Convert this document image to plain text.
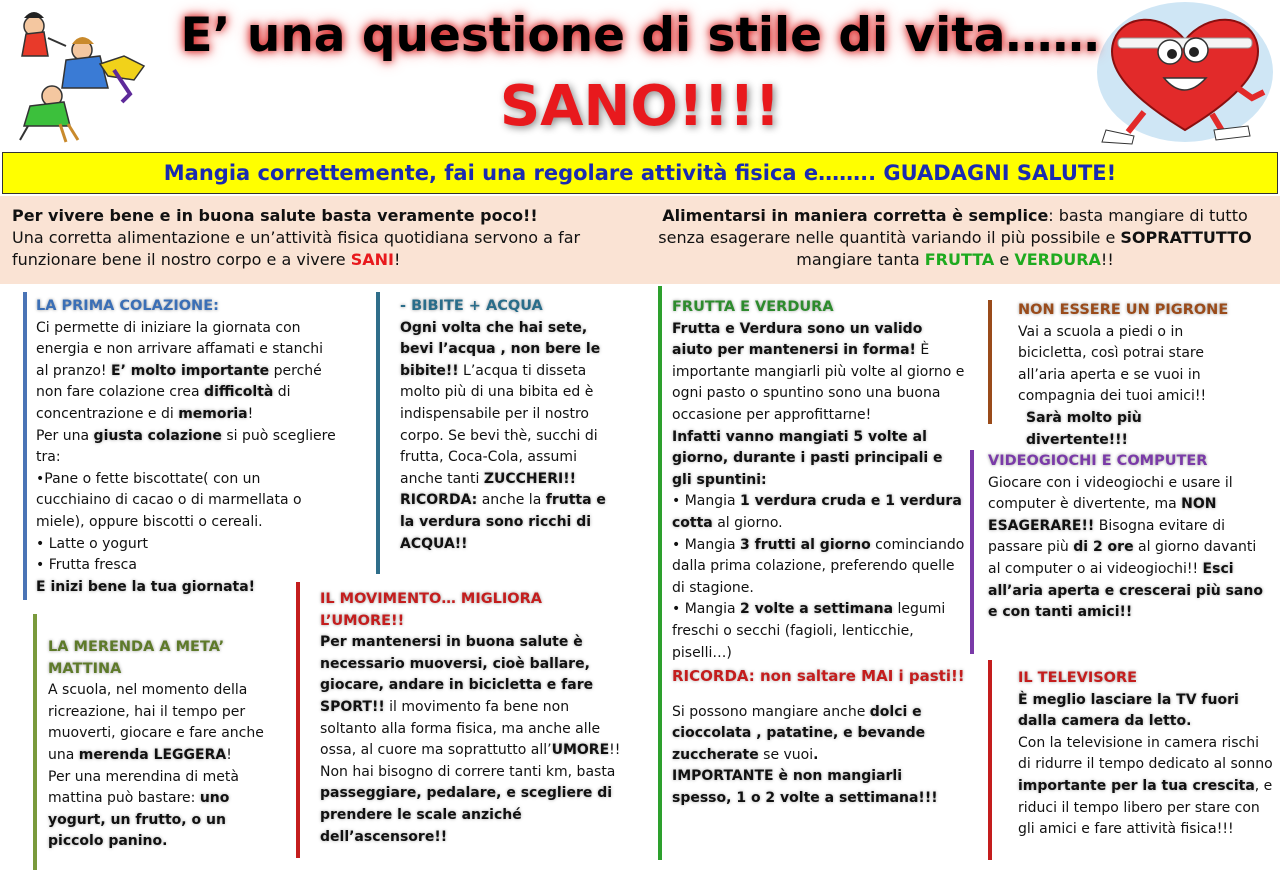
E’ una questione di stile di vita……
SANO!!!!
Mangia correttemente, fai una regolare attività fisica e…….. GUADAGNI SALUTE!
Per vivere bene e in buona salute basta veramente poco!!
Una corretta alimentazione e un’attività fisica quotidiana servono a far funzionare bene il nostro corpo e a vivere SANI!
Alimentarsi in maniera corretta è semplice: basta mangiare di tutto senza esagerare nelle quantità variando il più possibile e SOPRATTUTTO mangiare tanta FRUTTA e VERDURA!!

LA PRIMA COLAZIONE:

Ci permette di iniziare la giornata con energia e non arrivare affamati e stanchi al pranzo! E’ molto importante perché non fare colazione crea difficoltà di concentrazione e di memoria!

Per una giusta colazione si può scegliere tra:

•Pane o fette biscottate( con un cucchiaino di cacao o di marmellata o miele), oppure biscotti o cereali.

• Latte o yogurt

• Frutta fresca

E inizi bene la tua giornata!

- BIBITE + ACQUA

Ogni volta che hai sete, bevi l’acqua , non bere le bibite!! L’acqua ti disseta molto più di una bibita ed è indispensabile per il nostro corpo. Se bevi thè, succhi di frutta, Coca-Cola, assumi anche tanti ZUCCHERI!!

RICORDA: anche la frutta e la verdura sono ricchi di ACQUA!!

LA MERENDA A META’ MATTINA

A scuola, nel momento della ricreazione, hai il tempo per muoverti, giocare e fare anche una merenda LEGGERA!

Per una merendina di metà mattina può bastare: uno yogurt, un frutto, o un piccolo panino.

IL MOVIMENTO… MIGLIORA L’UMORE!!

Per mantenersi in buona salute è necessario muoversi, cioè ballare, giocare, andare in bicicletta e fare SPORT!! il movimento fa bene non soltanto alla forma fisica, ma anche alle ossa, al cuore ma soprattutto all’UMORE!! Non hai bisogno di correre tanti km, basta passeggiare, pedalare, e scegliere di prendere le scale anziché dell’ascensore!!

FRUTTA E VERDURA

Frutta e Verdura sono un valido aiuto per mantenersi in forma! È importante mangiarli più volte al giorno e ogni pasto o spuntino sono una buona occasione per approfittarne!

Infatti vanno mangiati 5 volte al giorno, durante i pasti principali e gli spuntini:

• Mangia 1 verdura cruda e 1 verdura cotta al giorno.

• Mangia 3 frutti al giorno cominciando dalla prima colazione, preferendo quelle di stagione.

• Mangia 2 volte a settimana legumi freschi o secchi (fagioli, lenticchie, piselli…)

RICORDA: non saltare MAI i pasti!!

Si possono mangiare anche dolci e cioccolata , patatine, e bevande zuccherate se vuoi.

IMPORTANTE è non mangiarli spesso, 1 o 2 volte a settimana!!!

NON ESSERE UN PIGRONE

Vai a scuola a piedi o in bicicletta, così potrai stare all’aria aperta e se vuoi in compagnia dei tuoi amici!!

Sarà molto più divertente!!!

VIDEOGIOCHI E COMPUTER

Giocare con i videogiochi e usare il computer è divertente, ma NON ESAGERARE!! Bisogna evitare di passare più di 2 ore al giorno davanti al computer o ai videogiochi!! Esci all’aria aperta e crescerai più sano e con tanti amici!!

IL TELEVISORE

È meglio lasciare la TV fuori dalla camera da letto.

Con la televisione in camera rischi di ridurre il tempo dedicato al sonno importante per la tua crescita, e riduci il tempo libero per stare con gli amici e fare attività fisica!!!
